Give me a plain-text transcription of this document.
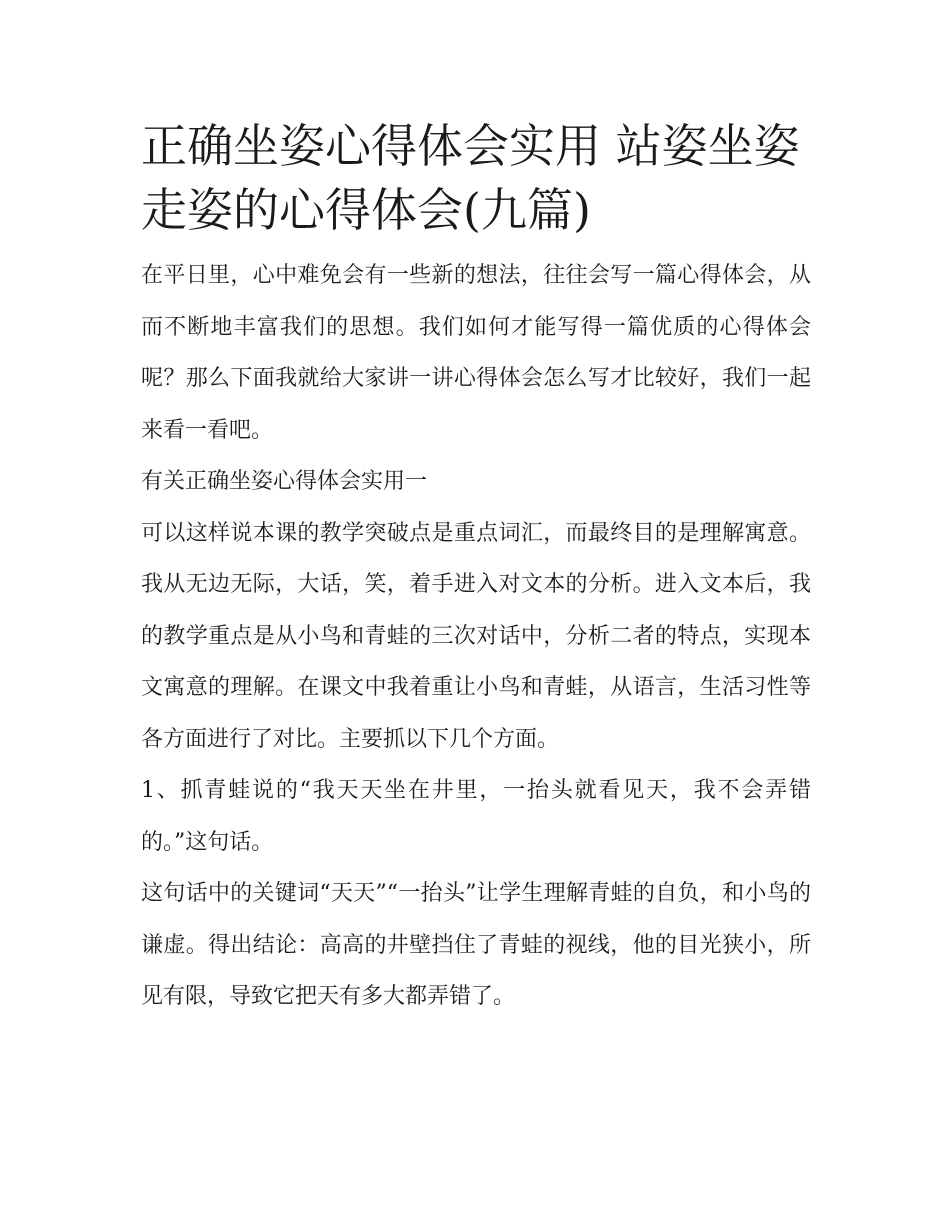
正确坐姿心得体会实用 站姿坐姿走姿的心得体会(九篇)

在平日里，心中难免会有一些新的想法，往往会写一篇心得体会，从而不断地丰富我们的思想。我们如何才能写得一篇优质的心得体会呢？那么下面我就给大家讲一讲心得体会怎么写才比较好，我们一起来看一看吧。

有关正确坐姿心得体会实用一

可以这样说本课的教学突破点是重点词汇，而最终目的是理解寓意。我从无边无际，大话，笑，着手进入对文本的分析。进入文本后，我的教学重点是从小鸟和青蛙的三次对话中，分析二者的特点，实现本文寓意的理解。在课文中我着重让小鸟和青蛙，从语言，生活习性等各方面进行了对比。主要抓以下几个方面。

1、抓青蛙说的“我天天坐在井里，一抬头就看见天，我不会弄错的。”这句话。

这句话中的关键词“天天”“一抬头”让学生理解青蛙的自负，和小鸟的谦虚。得出结论：高高的井壁挡住了青蛙的视线，他的目光狭小，所见有限，导致它把天有多大都弄错了。
